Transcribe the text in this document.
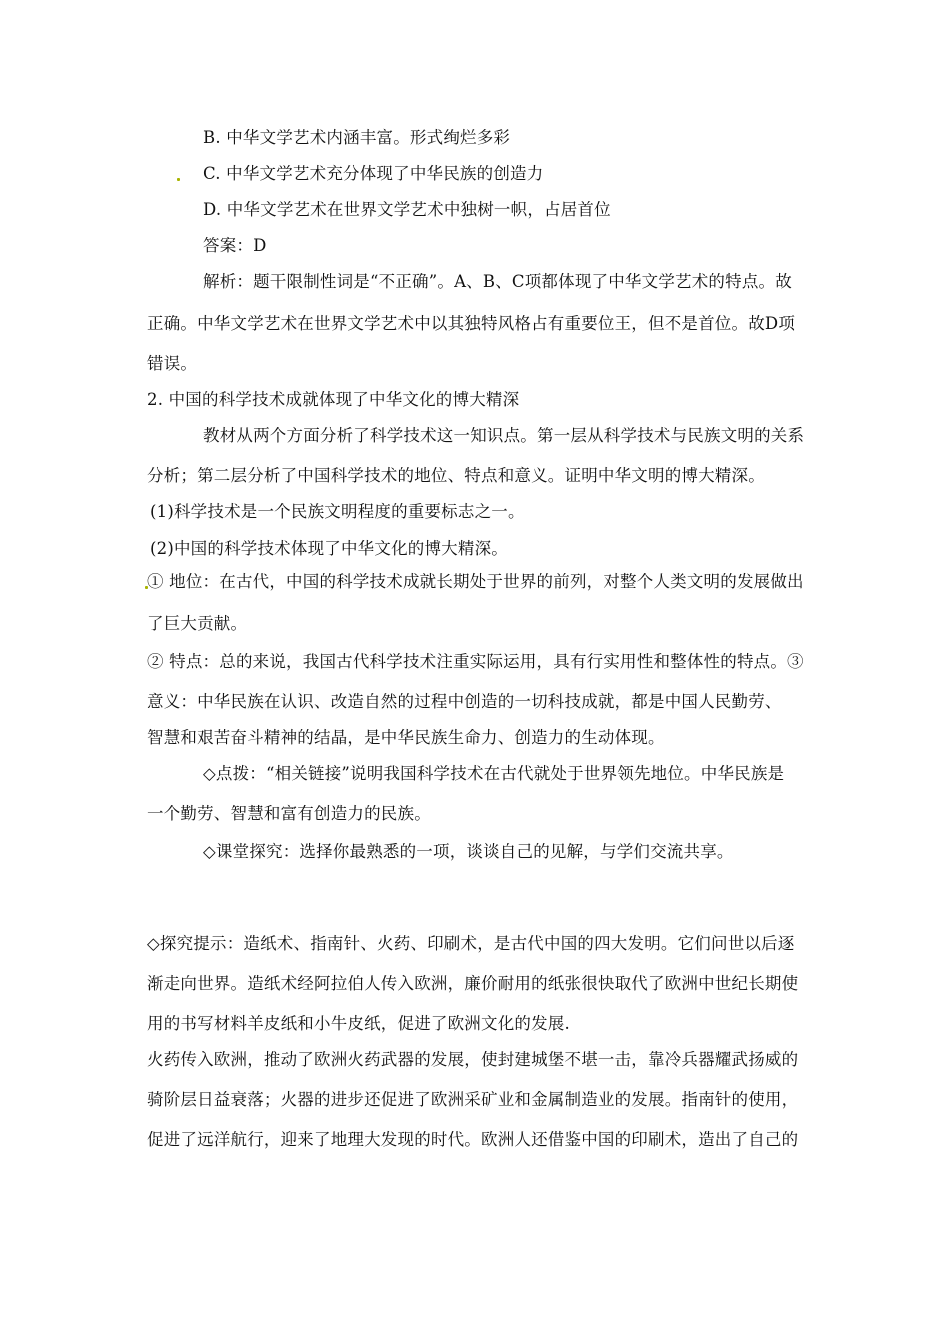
B. 中华文学艺术内涵丰富。形式绚烂多彩
C. 中华文学艺术充分体现了中华民族的创造力
D. 中华文学艺术在世界文学艺术中独树一帜，占居首位
答案：D
解析：题干限制性词是“不正确”。A、B、C项都体现了中华文学艺术的特点。故
正确。中华文学艺术在世界文学艺术中以其独特风格占有重要位王，但不是首位。故D项
错误。
2. 中国的科学技术成就体现了中华文化的博大精深
教材从两个方面分析了科学技术这一知识点。第一层从科学技术与民族文明的关系
分析；第二层分析了中国科学技术的地位、特点和意义。证明中华文明的博大精深。
(1)科学技术是一个民族文明程度的重要标志之一。
(2)中国的科学技术体现了中华文化的博大精深。
① 地位：在古代，中国的科学技术成就长期处于世界的前列，对整个人类文明的发展做出
了巨大贡献。
② 特点：总的来说，我国古代科学技术注重实际运用，具有行实用性和整体性的特点。③
意义：中华民族在认识、改造自然的过程中创造的一切科技成就，都是中国人民勤劳、
智慧和艰苦奋斗精神的结晶，是中华民族生命力、创造力的生动体现。
◇点拨：“相关链接”说明我国科学技术在古代就处于世界领先地位。中华民族是
一个勤劳、智慧和富有创造力的民族。
◇课堂探究：选择你最熟悉的一项，谈谈自己的见解，与学们交流共享。
◇探究提示：造纸术、指南针、火药、印刷术，是古代中国的四大发明。它们问世以后逐
渐走向世界。造纸术经阿拉伯人传入欧洲，廉价耐用的纸张很快取代了欧洲中世纪长期使
用的书写材料羊皮纸和小牛皮纸，促进了欧洲文化的发展.
火药传入欧洲，推动了欧洲火药武器的发展，使封建城堡不堪一击，靠冷兵器耀武扬威的
骑阶层日益衰落；火器的进步还促进了欧洲采矿业和金属制造业的发展。指南针的使用，
促进了远洋航行，迎来了地理大发现的时代。欧洲人还借鉴中国的印刷术，造出了自己的
